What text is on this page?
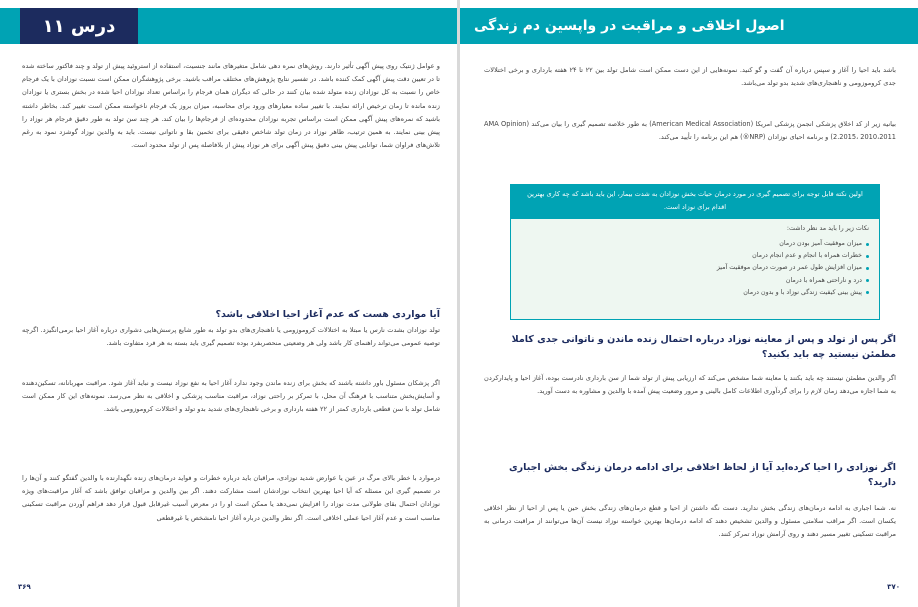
درس ۱۱

و عوامل ژنتیک روی پیش آگهی تأثیر دارند. روش‌های نمره دهی شامل متغیرهای مانند جنسیت، استفاده از استروئید پیش از تولد و چند فاکتور ساخته شده تا در تعیین دقت پیش آگهی کمک کننده باشد. در تفسیر نتایج پژوهش‌های مختلف مراقب باشید. برخی پژوهشگران ممکن است نسبت نوزادان با یک فرجام خاص را نسبت به کل نوزادان زنده متولد شده بیان کنند در حالی که دیگران همان فرجام را براساس تعداد نوزادان احیا شده در بخش بستری یا نوزادان زنده مانده تا زمان ترخیص ارائه نمایند. با تغییر ساده معیارهای ورود برای محاسبه، میزان بروز یک فرجام ناخواسته ممکن است تغییر کند. بخاطر داشته باشید که نمره‌های پیش آگهی ممکن است براساس تجربه نوزادان محدوده‌ای از فرجام‌ها را بیان کند. هر چند سن تولد به طور دقیق فرجام هر نوزاد را پیش بینی نمایند. به همین ترتیب، ظاهر نوزاد در زمان تولد شاخص دقیقی برای تخمین بقا و ناتوانی نیست. باید به والدین نوزاد گوشزد نمود به رغم تلاش‌های فراوان شما، توانایی پیش بینی دقیق پیش آگهی برای هر نوزاد پیش از بلافاصله پس از تولد محدود است.

آیا مواردی هست که عدم آغاز احیا اخلاقی باشد؟

تولد نوزادان بشدت نارس یا مبتلا به اختلالات کروموزومی یا ناهنجاری‌های بدو تولد به طور شایع پرسش‌هایی دشواری درباره آغاز احیا برمی‌انگیزد. اگرچه توصیه عمومی می‌تواند راهنمای کار باشد ولی هر وضعیتی منحصربفرد بوده تصمیم گیری باید بسته به هر فرد متفاوت باشد.

اگر پزشکان مسئول باور داشته باشند که بخش برای زنده ماندن وجود ندارد آغاز احیا به نفع نوزاد نیست و نباید آغاز شود. مراقبت مهربانانه، تسکین‌دهنده و آسایش‌بخش متناسب با فرهنگ آن محل، با تمرکز بر راحتی نوزاد، مراقبت مناسب پزشکی و اخلاقی به نظر می‌رسد. نمونه‌های این کار ممکن است شامل تولد با سن قطعی بارداری کمتر از ۲۲ هفته بارداری و برخی ناهنجاری‌های شدید بدو تولد و اختلالات کروموزومی باشد.

درموارد با خطر بالای مرگ در عین یا عوارض شدید نوزادی، مراقبان باید درباره خطرات و فواید درمان‌های زنده نگهدارنده با والدین گفتگو کنند و آن‌ها را در تصمیم گیری این مسئله که آیا احیا بهترین انتخاب نوزادشان است مشارکت دهند. اگر بین والدین و مراقبان توافق باشد که آغاز مراقبت‌های ویژه نوزادان احتمال بقای طولانی مدت نوزاد را افزایش نمی‌دهد یا ممکن است او را در معرض آسیب غیرقابل قبول قرار دهد فراهم آوردن مراقبت تسکینی مناسب است و عدم آغاز احیا عملی اخلاقی است. اگر نظر والدین درباره آغاز احیا نامشخص یا غیرقطعی

۳۶۹
اصول اخلاقی و مراقبت در واپسین دم زندگی

باشد باید احیا را آغاز و سپس درباره آن گفت و گو کنید. نمونه‌هایی از این دست ممکن است شامل تولد بین ۲۲ تا ۲۴ هفته بارداری و برخی اختلالات جدی کروموزومی و ناهنجاری‌های شدید بدو تولد می‌باشد.

بیانیه زیر از کد اخلاق پزشکی انجمن پزشکی امریکا (American Medical Association) به طور خلاصه تصمیم گیری را بیان می‌کند (AMA Opinion 2.2015، 2010،2011) و برنامه احیای نوزادان (NRP®) هم این برنامه را تأیید می‌کند.

اولین نکته قابل توجه برای تصمیم گیری در مورد درمان حیات بخش نوزادان به شدت بیمار، این باید باشد که چه کاری بهترین اقدام برای نوزاد است.

نکات زیر را باید مد نظر داشت:

میزان موفقیت آمیز بودن درمان
خطرات همراه با انجام و عدم انجام درمان
میزان افزایش طول عمر در صورت درمان موفقیت آمیز
درد و ناراحتی همراه با درمان
پیش بینی کیفیت زندگی نوزاد با و بدون درمان
اگر پس از تولد و پس از معاینه نوزاد درباره احتمال زنده ماندن و ناتوانی جدی کاملا مطمئن نیستید چه باید بکنید؟

اگر والدین مطمئن نیستند چه باید بکنند یا معاینه شما مشخص می‌کند که ارزیابی پیش از تولد شما از سن بارداری نادرست بوده، آغاز احیا و پایدارکردن به شما اجازه می‌دهد زمان لازم را برای گردآوری اطلاعات کامل بالینی و مرور وضعیت پیش آمده با والدین و مشاوره به دست آورید.

اگر نوزادی را احیا کرده‌اید آیا از لحاظ اخلاقی برای ادامه درمان زندگی بخش اجباری دارید؟

نه. شما اجباری به ادامه درمان‌های زندگی بخش ندارید. دست نگه داشتن از احیا و قطع درمان‌های زندگی بخش حین یا پس از احیا از نظر اخلاقی یکسان است. اگر مراقب سلامتی مسئول و والدین تشخیص دهند که ادامه درمان‌ها بهترین خواسته نوزاد نیست آن‌ها می‌توانند از مراقبت درمانی به مراقبت تسکینی تغییر مسیر دهند و روی آرامش نوزاد تمرکز کنند.

۳۷۰
